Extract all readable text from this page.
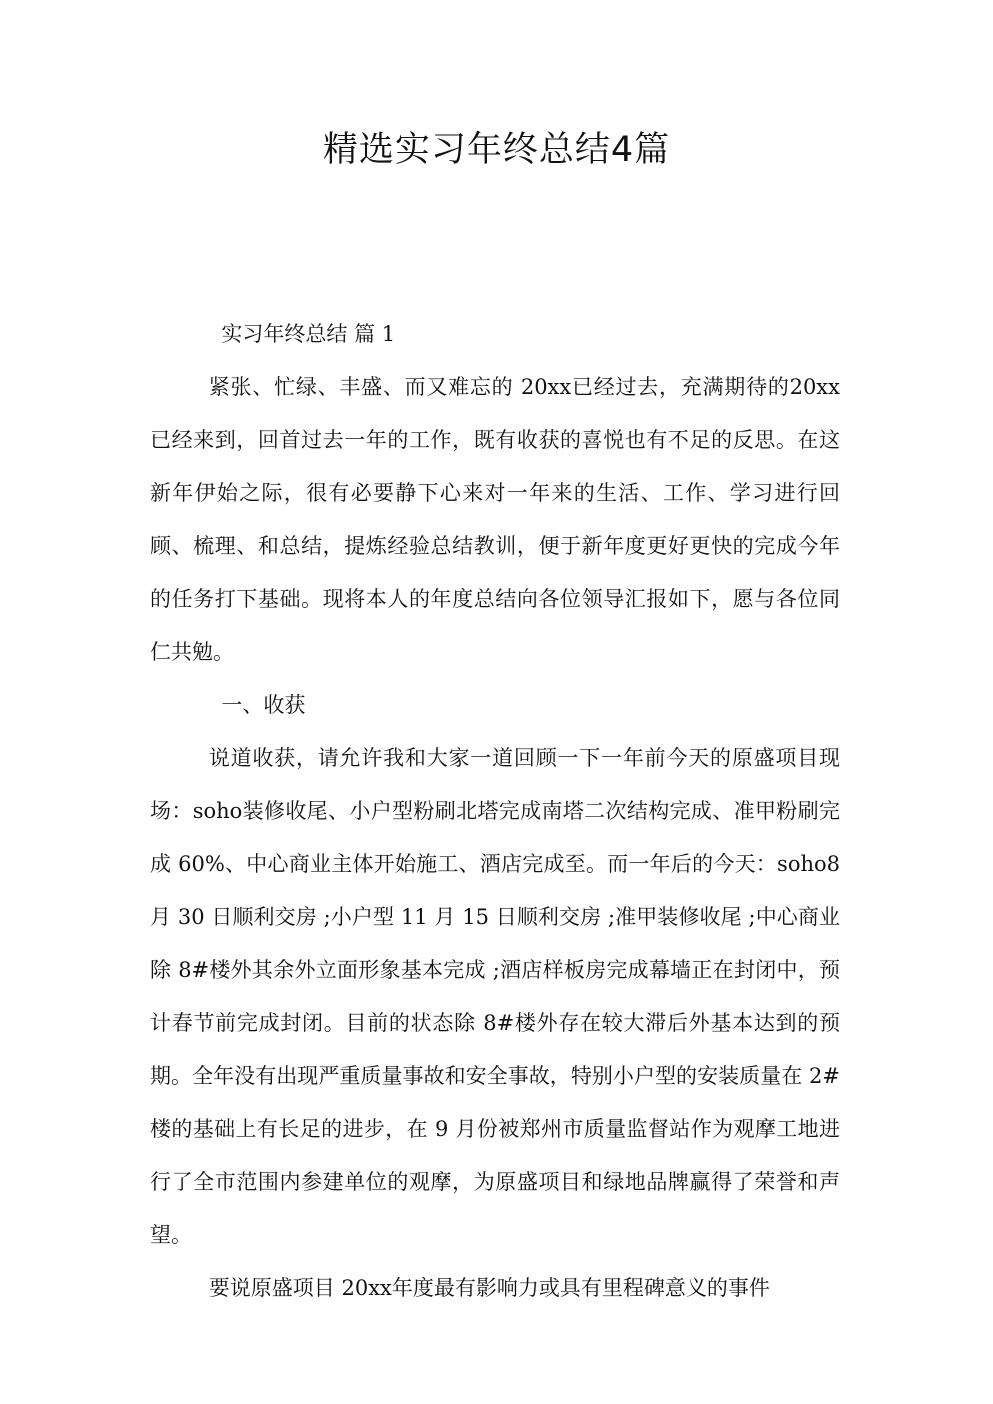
精选实习年终总结4篇

实习年终总结 篇 1

紧张、忙绿、丰盛、而又难忘的 20xx已经过去，充满期待的20xx已经来到，回首过去一年的工作，既有收获的喜悦也有不足的反思。在这新年伊始之际，很有必要静下心来对一年来的生活、工作、学习进行回顾、梳理、和总结，提炼经验总结教训，便于新年度更好更快的完成今年的任务打下基础。现将本人的年度总结向各位领导汇报如下，愿与各位同仁共勉。

一、收获

说道收获，请允许我和大家一道回顾一下一年前今天的原盛项目现场：soho装修收尾、小户型粉刷北塔完成南塔二次结构完成、准甲粉刷完成 60%、中心商业主体开始施工、酒店完成至。而一年后的今天：soho8 月 30 日顺利交房 ;小户型 11 月 15 日顺利交房 ;准甲装修收尾 ;中心商业除 8#楼外其余外立面形象基本完成 ;酒店样板房完成幕墙正在封闭中，预计春节前完成封闭。目前的状态除 8#楼外存在较大滞后外基本达到的预期。全年没有出现严重质量事故和安全事故，特别小户型的安装质量在 2#楼的基础上有长足的进步，在 9 月份被郑州市质量监督站作为观摩工地进行了全市范围内参建单位的观摩，为原盛项目和绿地品牌赢得了荣誉和声望。

要说原盛项目 20xx年度最有影响力或具有里程碑意义的事件
